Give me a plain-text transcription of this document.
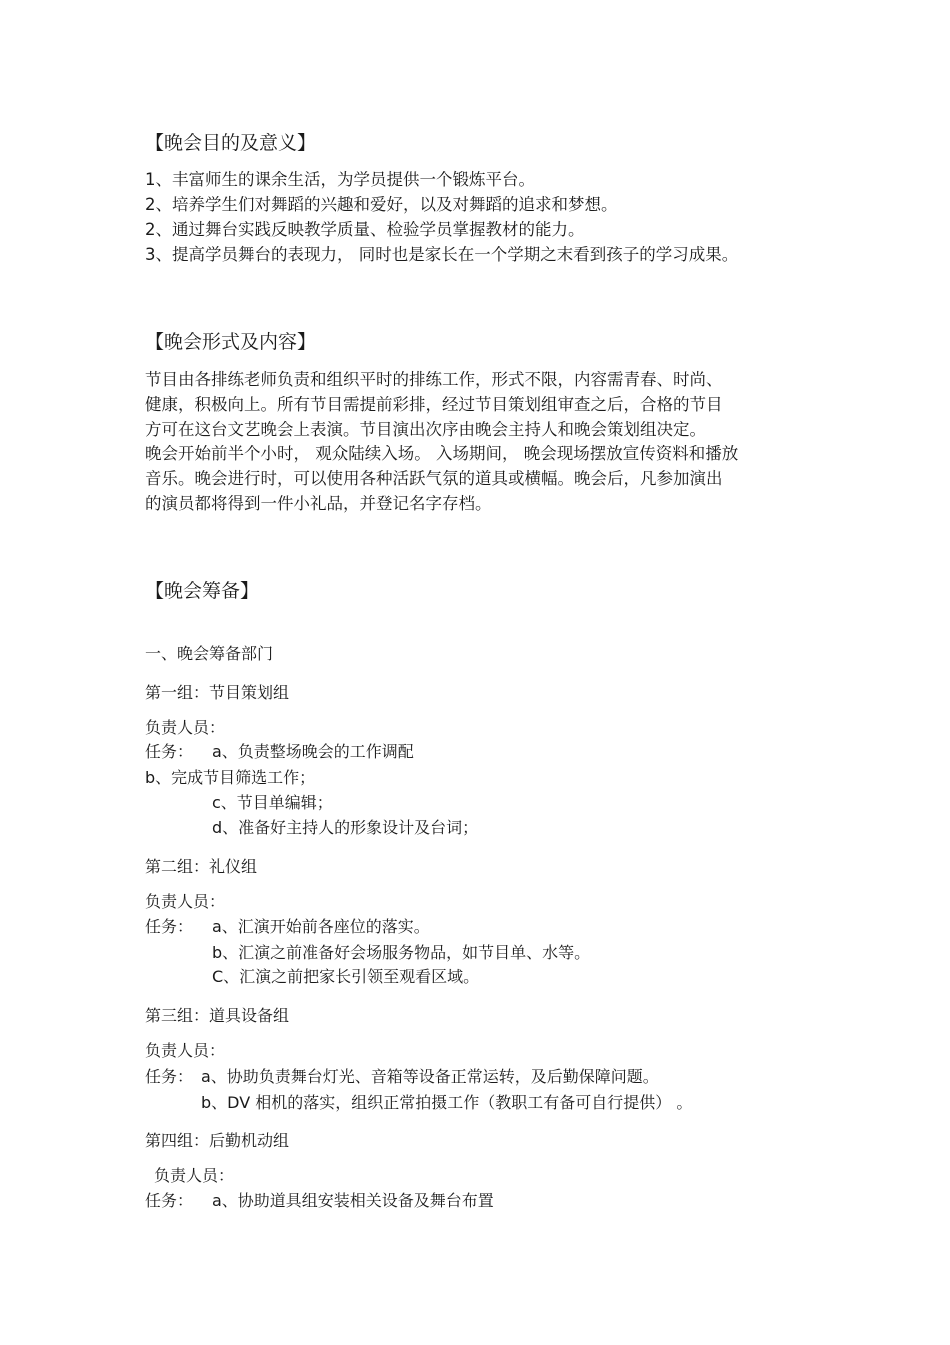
【晚会目的及意义】
1、丰富师生的课余生活，为学员提供一个锻炼平台。
2、培养学生们对舞蹈的兴趣和爱好，以及对舞蹈的追求和梦想。
2、通过舞台实践反映教学质量、检验学员掌握教材的能力。
3、提高学员舞台的表现力， 同时也是家长在一个学期之末看到孩子的学习成果。
【晚会形式及内容】
节目由各排练老师负责和组织平时的排练工作，形式不限，内容需青春、时尚、
健康，积极向上。所有节目需提前彩排，经过节目策划组审查之后，合格的节目
方可在这台文艺晚会上表演。节目演出次序由晚会主持人和晚会策划组决定。
晚会开始前半个小时， 观众陆续入场。 入场期间， 晚会现场摆放宣传资料和播放
音乐。晚会进行时，可以使用各种活跃气氛的道具或横幅。晚会后，凡参加演出
的演员都将得到一件小礼品，并登记名字存档。
【晚会筹备】
一、晚会筹备部门
第一组：节目策划组
负责人员：
任务： a、负责整场晚会的工作调配
b、完成节目筛选工作；
c、节目单编辑；
d、准备好主持人的形象设计及台词；
第二组：礼仪组
负责人员：
任务： a、汇演开始前各座位的落实。
b、汇演之前准备好会场服务物品，如节目单、水等。
C、汇演之前把家长引领至观看区域。
第三组：道具设备组
负责人员：
任务： a、协助负责舞台灯光、音箱等设备正常运转，及后勤保障问题。
b、DV 相机的落实，组织正常拍摄工作（教职工有备可自行提供） 。
第四组：后勤机动组
负责人员：
任务： a、协助道具组安装相关设备及舞台布置
